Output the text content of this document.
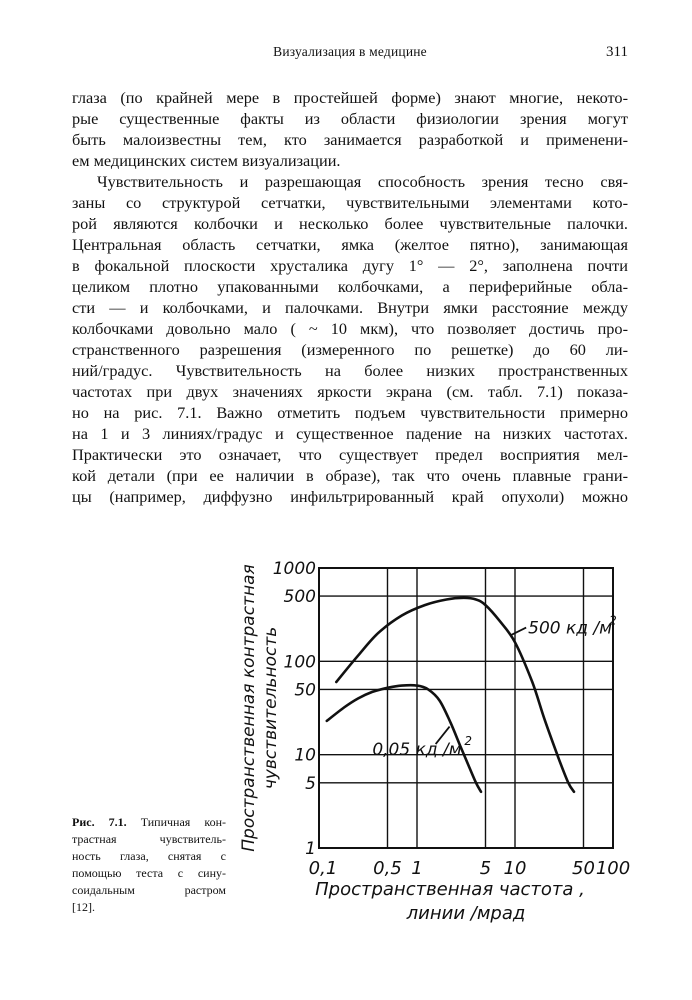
Визуализация в медицине	311
глаза (по крайней мере в простейшей форме) знают многие, некото-
рые существенные факты из области физиологии зрения могут
быть малоизвестны тем, кто занимается разработкой и применени-
ем медицинских систем визуализации.
Чувствительность и разрешающая способность зрения тесно свя-
заны со структурой сетчатки, чувствительными элементами кото-
рой являются колбочки и несколько более чувствительные палочки.
Центральная область сетчатки, ямка (желтое пятно), занимающая
в фокальной плоскости хрусталика дугу 1° — 2°, заполнена почти
целиком плотно упакованными колбочками, а периферийные обла-
сти — и колбочками, и палочками. Внутри ямки расстояние между
колбочками довольно мало ( ~ 10 мкм), что позволяет достичь про-
странственного разрешения (измеренного по решетке) до 60 ли-
ний/градус. Чувствительность на более низких пространственных
частотах при двух значениях яркости экрана (см. табл. 7.1) показа-
но на рис. 7.1. Важно отметить подъем чувствительности примерно
на 1 и 3 линиях/градус и существенное падение на низких частотах.
Практически это означает, что существует предел восприятия мел-
кой детали (при ее наличии в образе), так что очень плавные грани-
цы (например, диффузно инфильтрированный край опухоли) можно
Рис. 7.1. Типичная кон-
трастная чувствитель-
ность глаза, снятая с
помощью теста с сину-
соидальным растром
[12].
0,1 0,5 1	5 10	50 100
1
5
10
50
100
500
1000
Пространственная контрастная чувствительность
Пространственная частота ,
линии /мрад
500 кд /м
2
0,05 кд /м 2
